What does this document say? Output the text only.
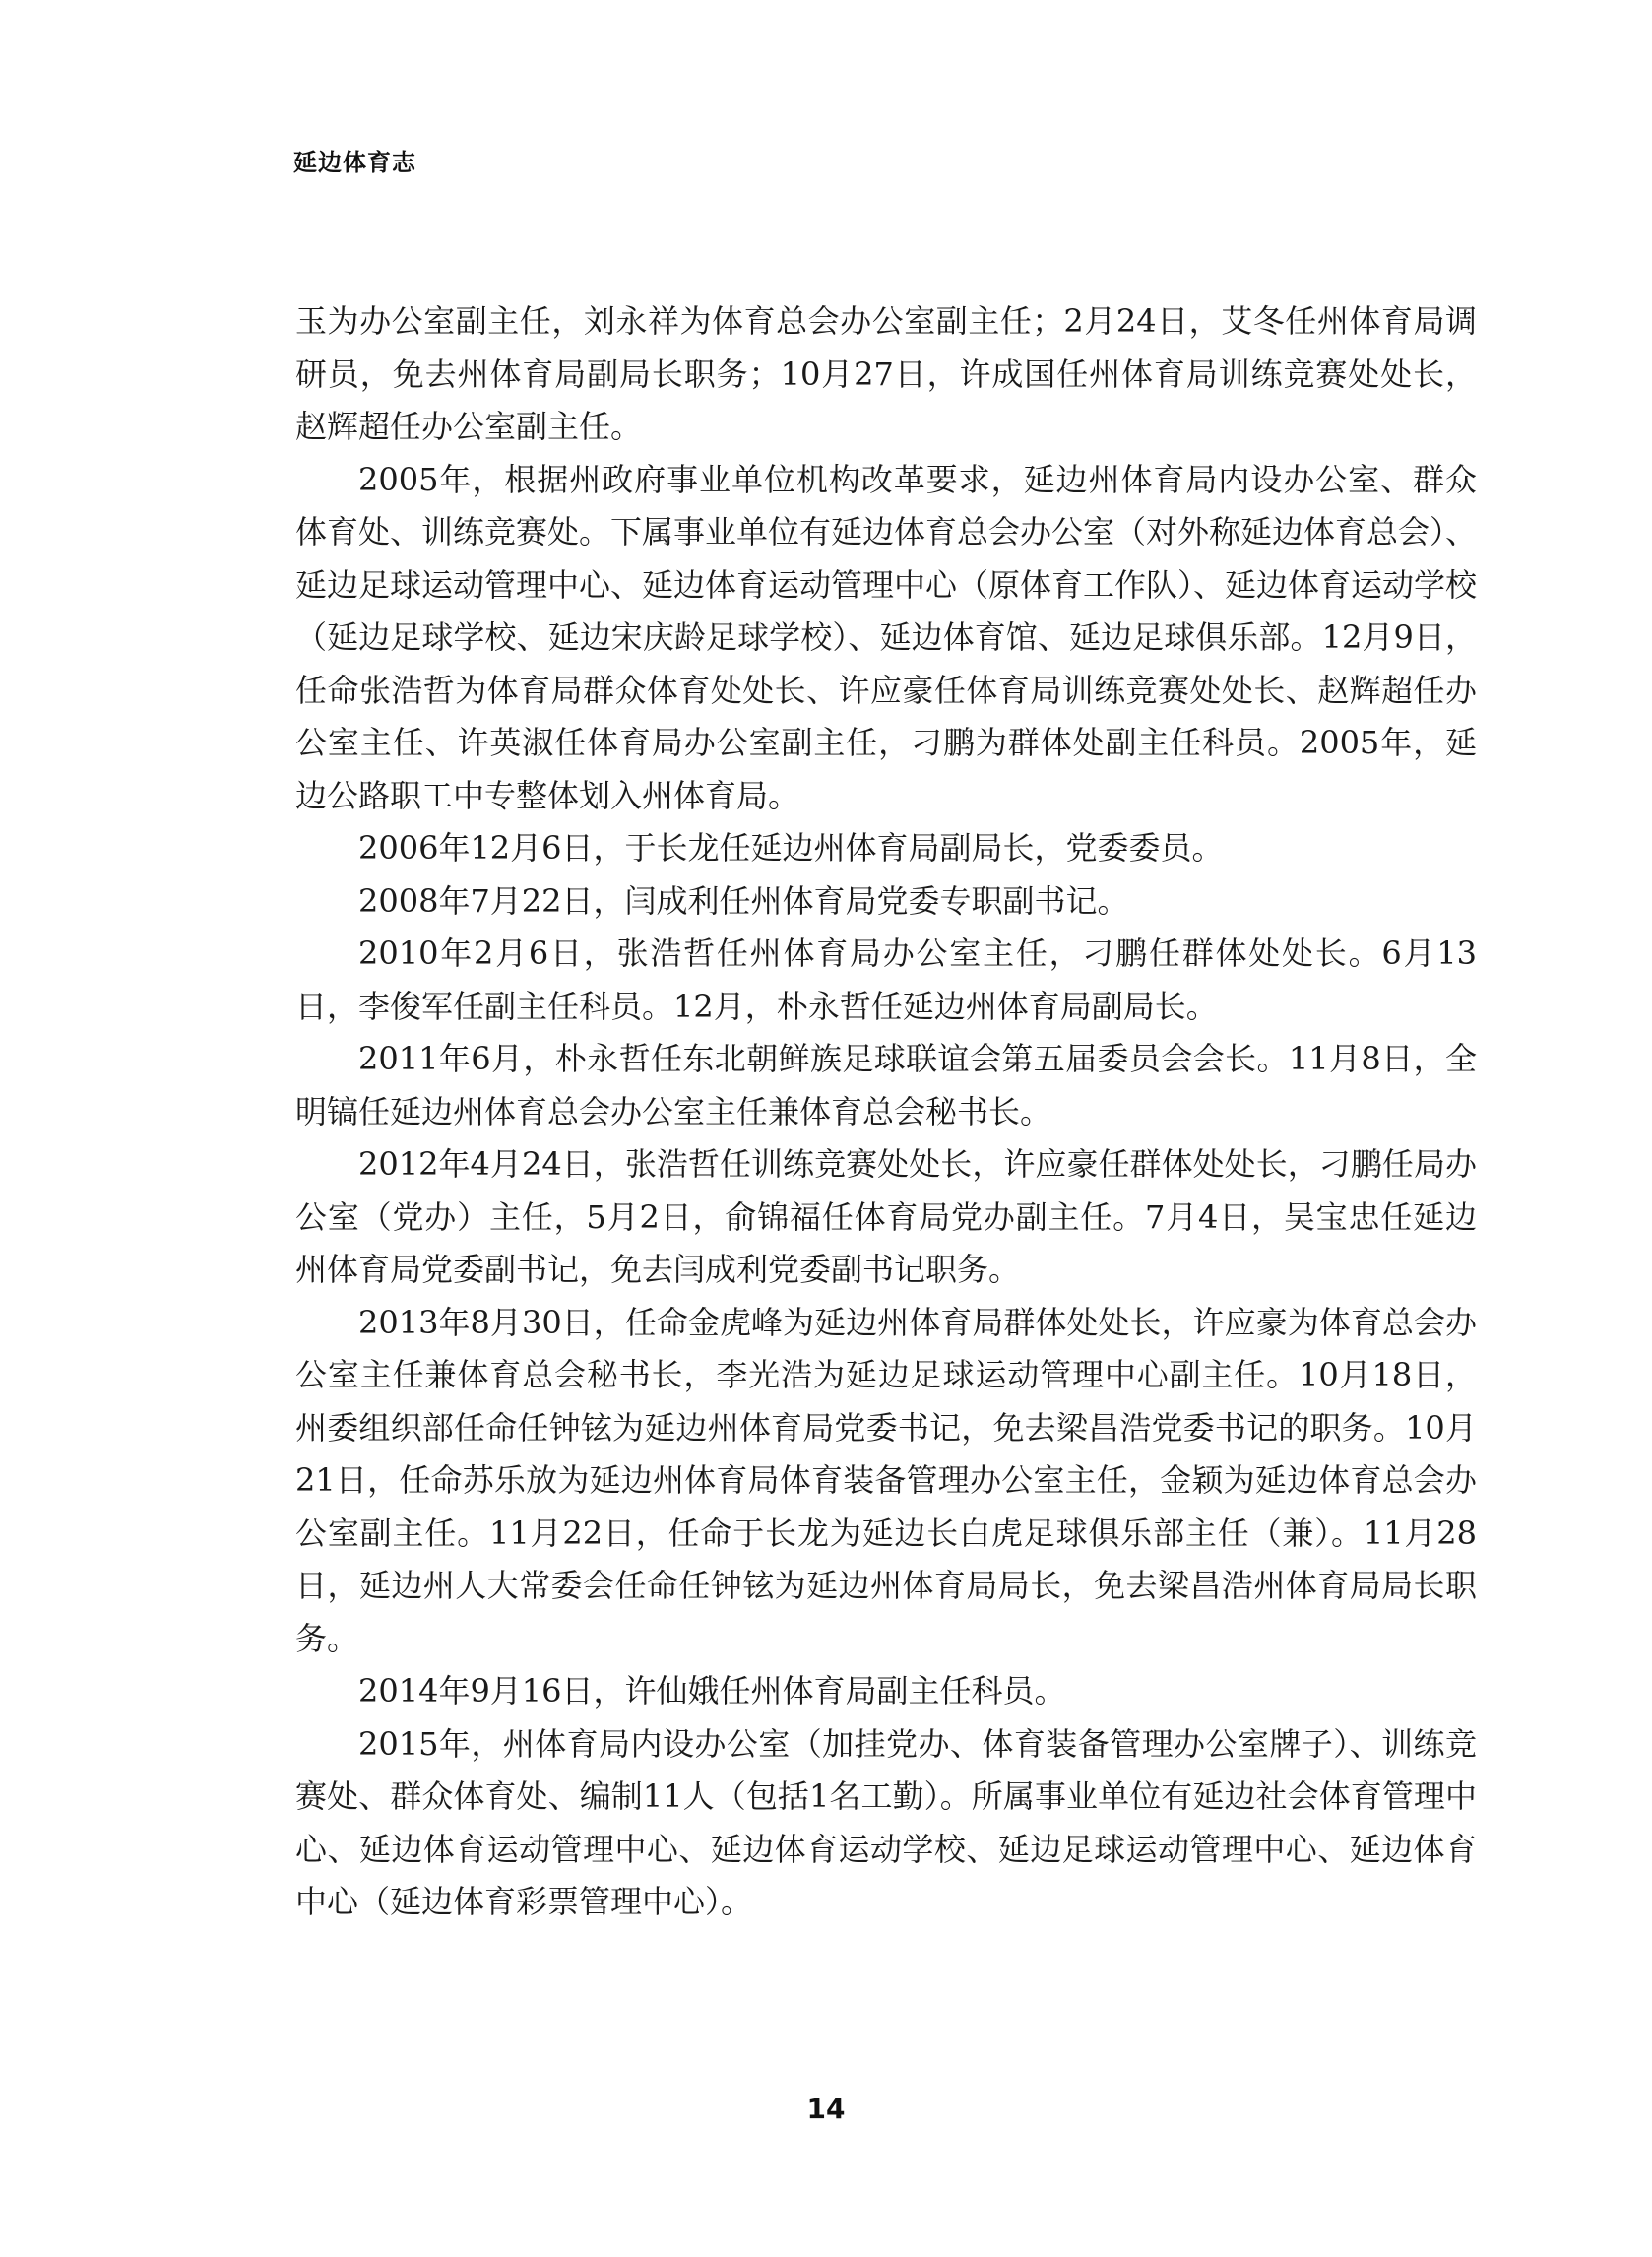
延边体育志

玉为办公室副主任，刘永祥为体育总会办公室副主任；2月24日，艾冬任州体育局调研员，免去州体育局副局长职务；10月27日，许成国任州体育局训练竞赛处处长，赵辉超任办公室副主任。

2005年，根据州政府事业单位机构改革要求，延边州体育局内设办公室、群众体育处、训练竞赛处。下属事业单位有延边体育总会办公室（对外称延边体育总会）、延边足球运动管理中心、延边体育运动管理中心（原体育工作队）、延边体育运动学校（延边足球学校、延边宋庆龄足球学校）、延边体育馆、延边足球俱乐部。12月9日，任命张浩哲为体育局群众体育处处长、许应豪任体育局训练竞赛处处长、赵辉超任办公室主任、许英淑任体育局办公室副主任，刁鹏为群体处副主任科员。2005年，延边公路职工中专整体划入州体育局。

2006年12月6日，于长龙任延边州体育局副局长，党委委员。

2008年7月22日，闫成利任州体育局党委专职副书记。

2010年2月6日，张浩哲任州体育局办公室主任，刁鹏任群体处处长。6月13日，李俊军任副主任科员。12月，朴永哲任延边州体育局副局长。

2011年6月，朴永哲任东北朝鲜族足球联谊会第五届委员会会长。11月8日，全明镐任延边州体育总会办公室主任兼体育总会秘书长。

2012年4月24日，张浩哲任训练竞赛处处长，许应豪任群体处处长，刁鹏任局办公室（党办）主任，5月2日，俞锦福任体育局党办副主任。7月4日，吴宝忠任延边州体育局党委副书记，免去闫成利党委副书记职务。

2013年8月30日，任命金虎峰为延边州体育局群体处处长，许应豪为体育总会办公室主任兼体育总会秘书长，李光浩为延边足球运动管理中心副主任。10月18日，州委组织部任命任钟铉为延边州体育局党委书记，免去梁昌浩党委书记的职务。10月21日，任命苏乐放为延边州体育局体育装备管理办公室主任，金颖为延边体育总会办公室副主任。11月22日，任命于长龙为延边长白虎足球俱乐部主任（兼）。11月28日，延边州人大常委会任命任钟铉为延边州体育局局长，免去梁昌浩州体育局局长职务。

2014年9月16日，许仙娥任州体育局副主任科员。

2015年，州体育局内设办公室（加挂党办、体育装备管理办公室牌子）、训练竞赛处、群众体育处、编制11人（包括1名工勤）。所属事业单位有延边社会体育管理中心、延边体育运动管理中心、延边体育运动学校、延边足球运动管理中心、延边体育中心（延边体育彩票管理中心）。

14
